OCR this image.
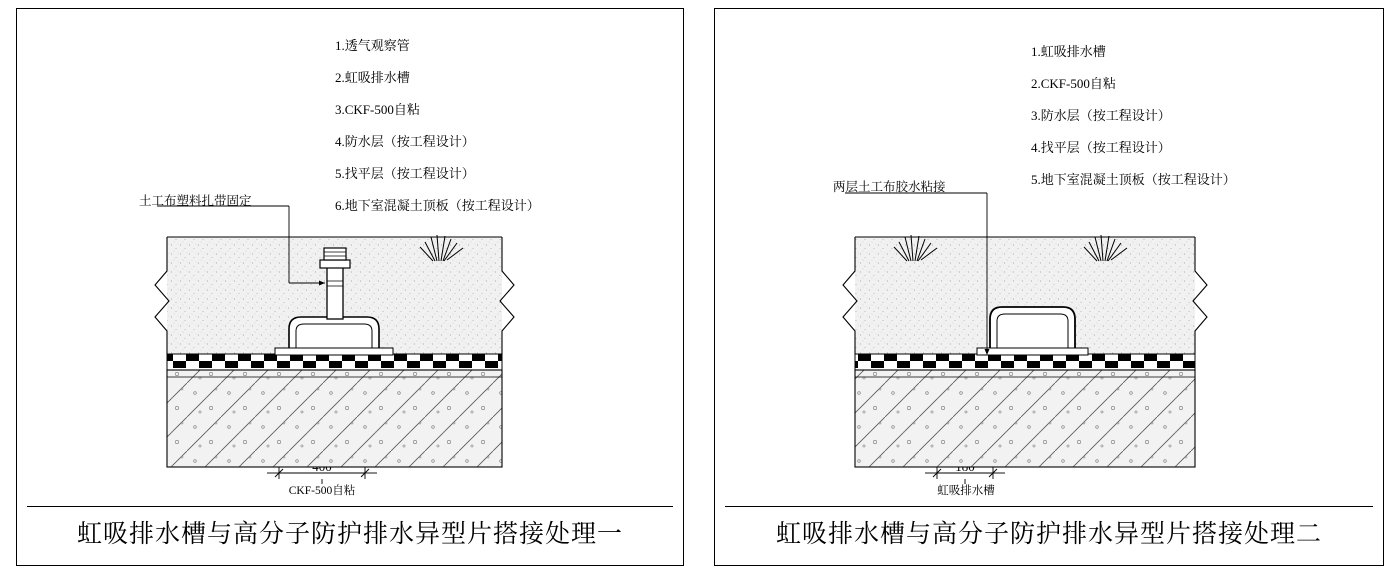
1.透气观察管
2.虹吸排水槽
3.CKF-500自粘
4.防水层（按工程设计）
5.找平层（按工程设计）
6.地下室混凝土顶板（按工程设计）
土工布塑料扎带固定
CKF-500自粘
虹吸排水槽与高分子防护排水异型片搭接处理一
1.虹吸排水槽
2.CKF-500自粘
3.防水层（按工程设计）
4.找平层（按工程设计）
5.地下室混凝土顶板（按工程设计）
两层土工布胶水粘接
虹吸排水槽
虹吸排水槽与高分子防护排水异型片搭接处理二
